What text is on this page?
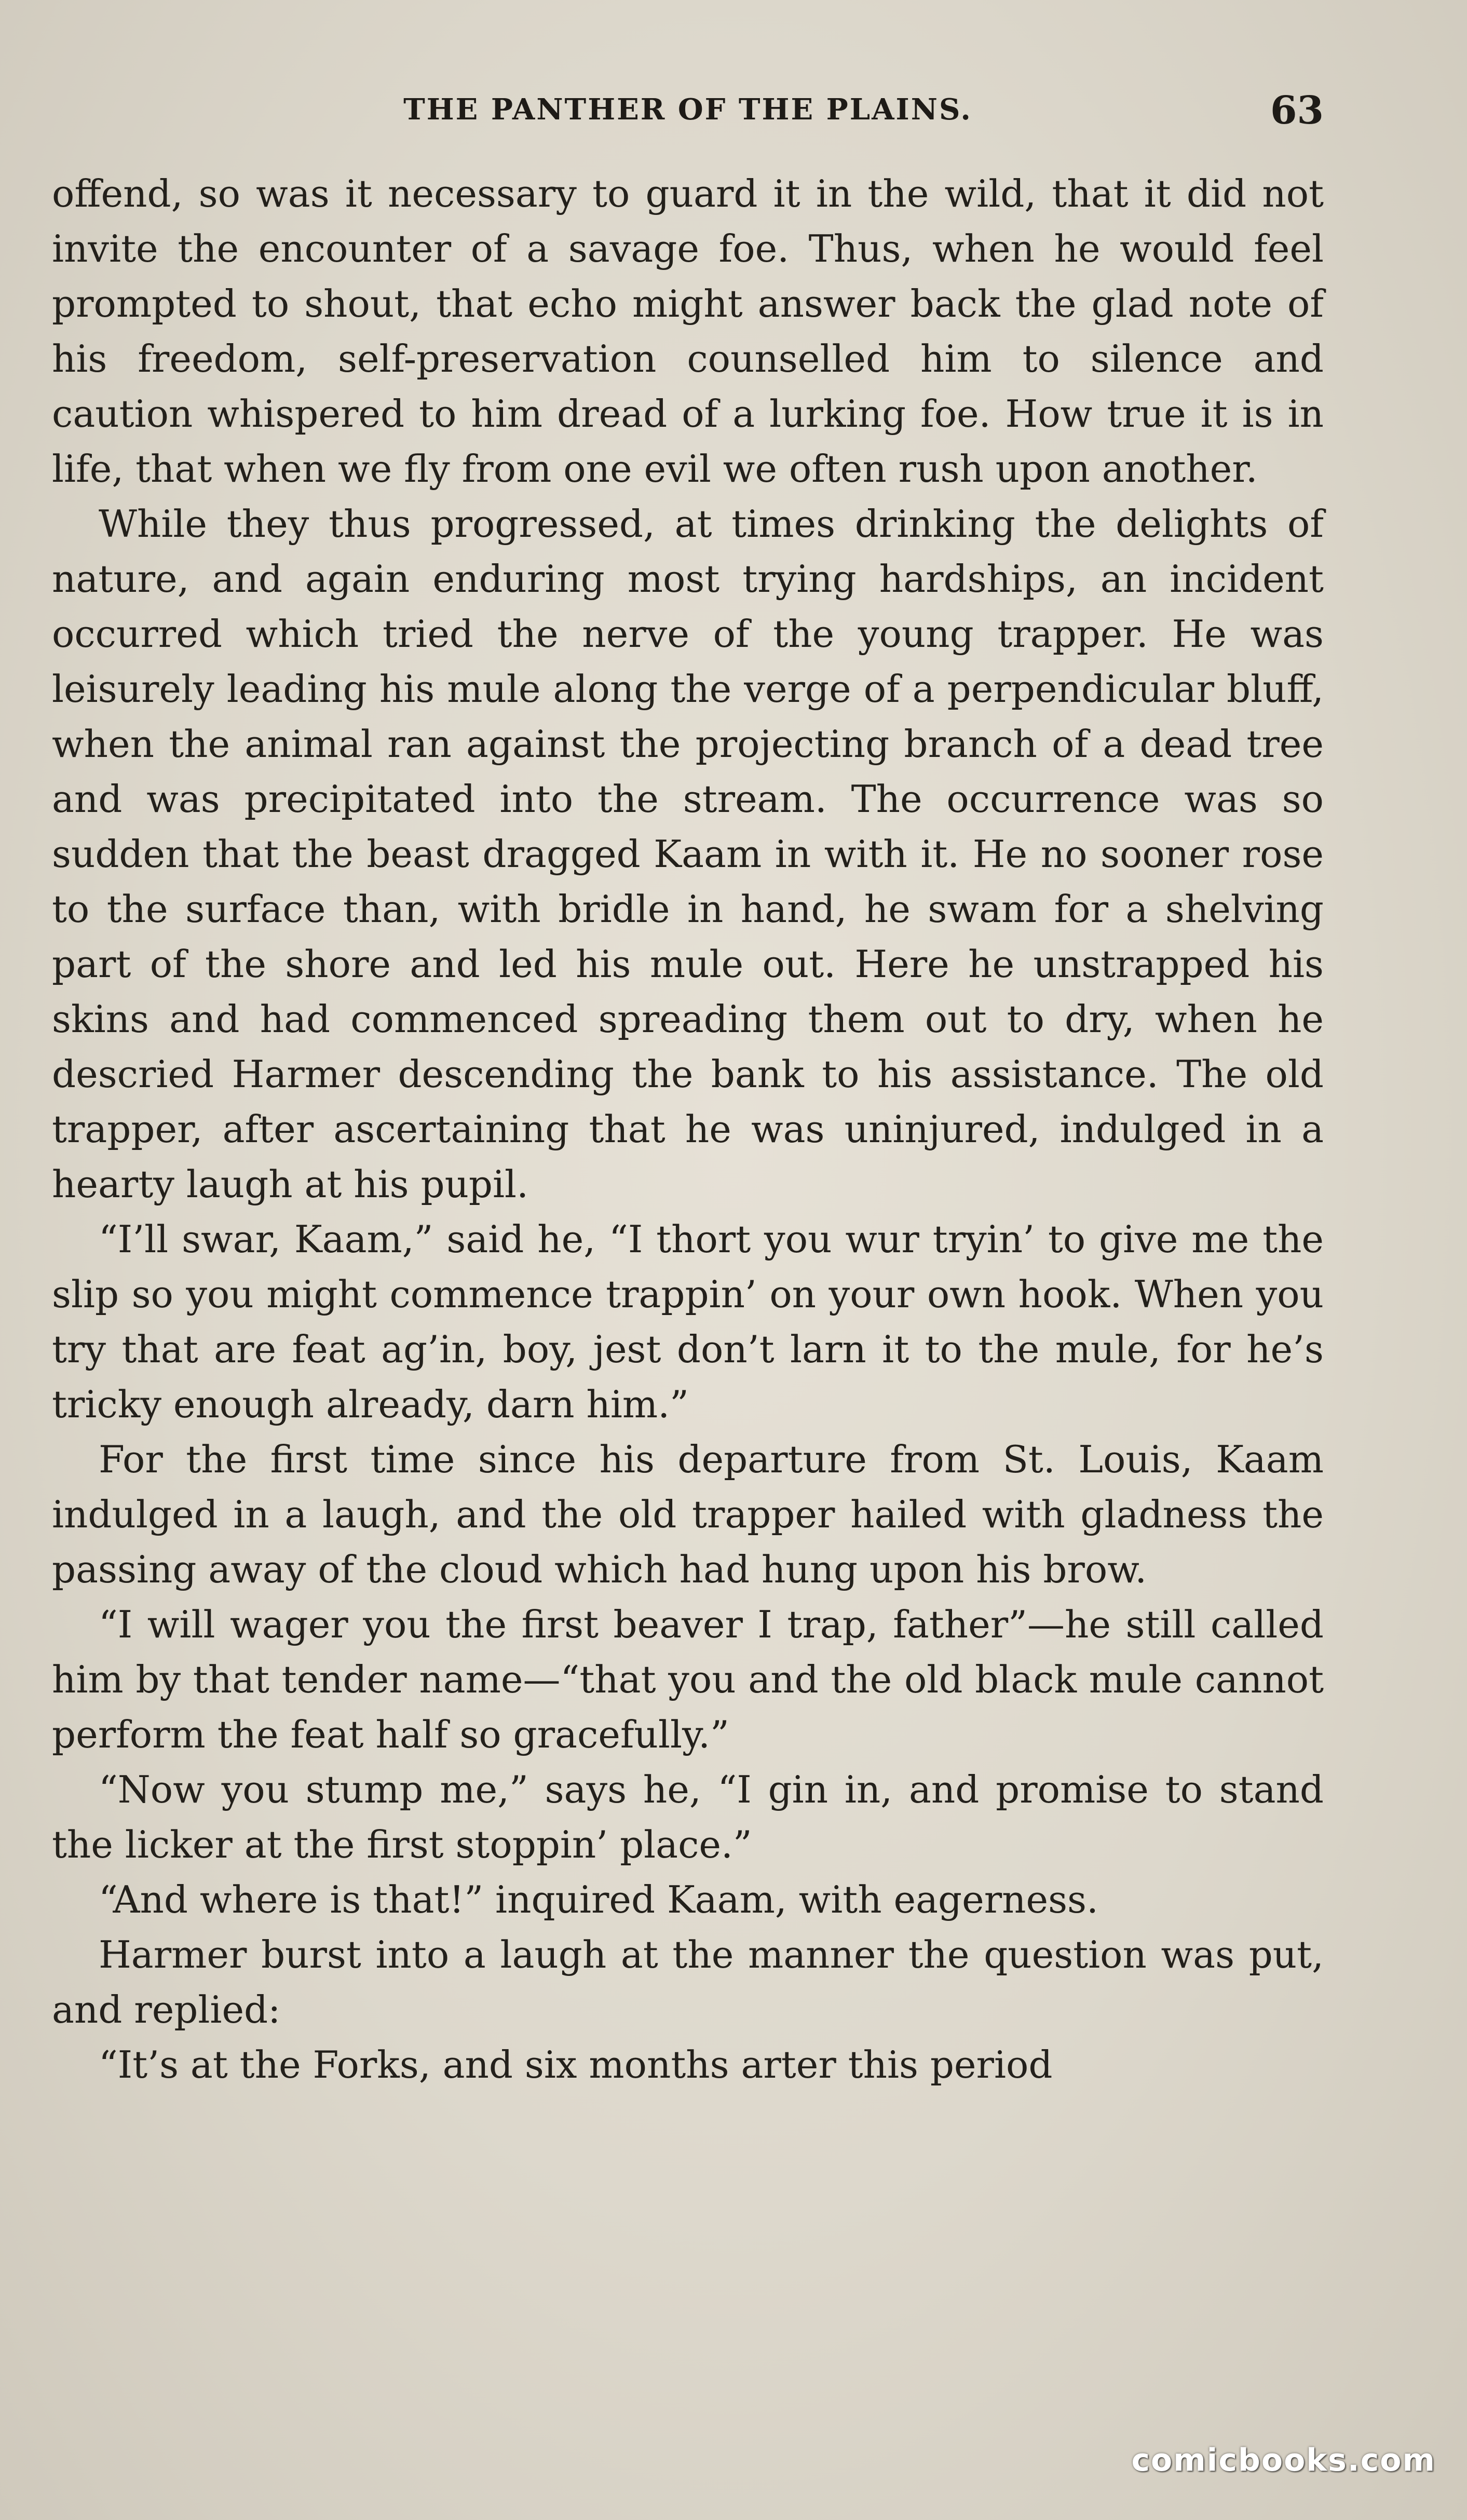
THE PANTHER OF THE PLAINS.	63

offend, so was it necessary to guard it in the wild, that it did not invite the encounter of a savage foe. Thus, when he would feel prompted to shout, that echo might answer back the glad note of his freedom, self-preservation counselled him to silence and caution whispered to him dread of a lurking foe. How true it is in life, that when we fly from one evil we often rush upon another.

While they thus progressed, at times drinking the delights of nature, and again enduring most trying hardships, an incident occurred which tried the nerve of the young trapper. He was leisurely leading his mule along the verge of a perpendicular bluff, when the animal ran against the projecting branch of a dead tree and was precipitated into the stream. The occurrence was so sudden that the beast dragged Kaam in with it. He no sooner rose to the surface than, with bridle in hand, he swam for a shelving part of the shore and led his mule out. Here he unstrapped his skins and had commenced spreading them out to dry, when he descried Harmer descending the bank to his assistance. The old trapper, after ascertaining that he was uninjured, indulged in a hearty laugh at his pupil.

“I’ll swar, Kaam,” said he, “I thort you wur tryin’ to give me the slip so you might commence trappin’ on your own hook. When you try that are feat ag’in, boy, jest don’t larn it to the mule, for he’s tricky enough already, darn him.”

For the first time since his departure from St. Louis, Kaam indulged in a laugh, and the old trapper hailed with gladness the passing away of the cloud which had hung upon his brow.

“I will wager you the first beaver I trap, father”—he still called him by that tender name—“that you and the old black mule cannot perform the feat half so gracefully.”

“Now you stump me,” says he, “I gin in, and promise to stand the licker at the first stoppin’ place.”

“And where is that!” inquired Kaam, with eagerness.

Harmer burst into a laugh at the manner the question was put, and replied:

“It’s at the Forks, and six months arter this period

comicbooks.com
